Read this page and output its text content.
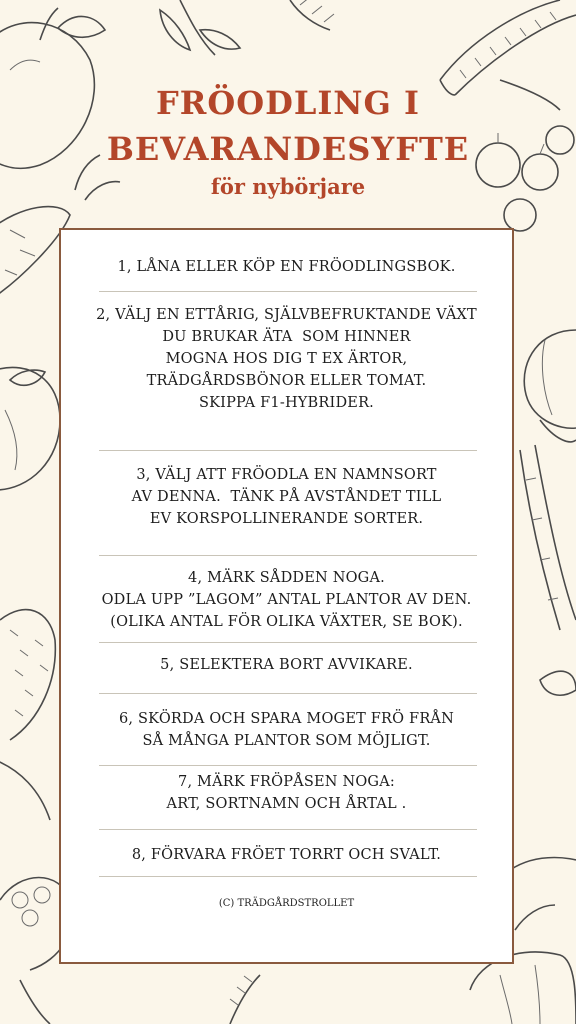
FRÖODLING I
BEVARANDESYFTE
för nybörjare
1, LÅNA ELLER KÖP EN FRÖODLINGSBOK.
2, VÄLJ EN ETTÅRIG, SJÄLVBEFRUKTANDE VÄXT
DU BRUKAR ÄTA  SOM HINNER
MOGNA HOS DIG T EX ÄRTOR,
TRÄDGÅRDSBÖNOR ELLER TOMAT.
SKIPPA F1-HYBRIDER.
3, VÄLJ ATT FRÖODLA EN NAMNSORT
AV DENNA.  TÄNK PÅ AVSTÅNDET TILL
EV KORSPOLLINERANDE SORTER.
4, MÄRK SÅDDEN NOGA.
ODLA UPP ”LAGOM” ANTAL PLANTOR AV DEN.
(OLIKA ANTAL FÖR OLIKA VÄXTER, SE BOK).
5, SELEKTERA BORT AVVIKARE.
6, SKÖRDA OCH SPARA MOGET FRÖ FRÅN
SÅ MÅNGA PLANTOR SOM MÖJLIGT.
7, MÄRK FRÖPÅSEN NOGA:
ART, SORTNAMN OCH ÅRTAL .
8, FÖRVARA FRÖET TORRT OCH SVALT.
(C) TRÄDGÅRDSTROLLET
